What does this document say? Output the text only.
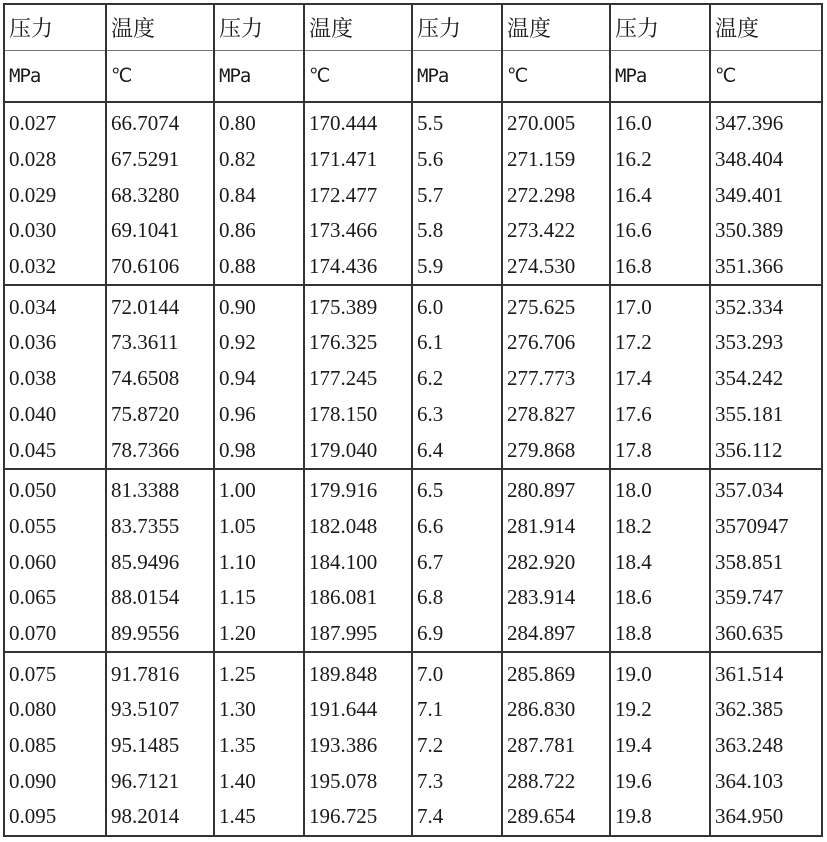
压力	温度	压力	温度	压力	温度	压力	温度
MPa	℃	MPa	℃	MPa	℃	MPa	℃
0.027	66.7074	0.80	170.444	5.5	270.005	16.0	347.396
0.028	67.5291	0.82	171.471	5.6	271.159	16.2	348.404
0.029	68.3280	0.84	172.477	5.7	272.298	16.4	349.401
0.030	69.1041	0.86	173.466	5.8	273.422	16.6	350.389
0.032	70.6106	0.88	174.436	5.9	274.530	16.8	351.366
0.034	72.0144	0.90	175.389	6.0	275.625	17.0	352.334
0.036	73.3611	0.92	176.325	6.1	276.706	17.2	353.293
0.038	74.6508	0.94	177.245	6.2	277.773	17.4	354.242
0.040	75.8720	0.96	178.150	6.3	278.827	17.6	355.181
0.045	78.7366	0.98	179.040	6.4	279.868	17.8	356.112
0.050	81.3388	1.00	179.916	6.5	280.897	18.0	357.034
0.055	83.7355	1.05	182.048	6.6	281.914	18.2	3570947
0.060	85.9496	1.10	184.100	6.7	282.920	18.4	358.851
0.065	88.0154	1.15	186.081	6.8	283.914	18.6	359.747
0.070	89.9556	1.20	187.995	6.9	284.897	18.8	360.635
0.075	91.7816	1.25	189.848	7.0	285.869	19.0	361.514
0.080	93.5107	1.30	191.644	7.1	286.830	19.2	362.385
0.085	95.1485	1.35	193.386	7.2	287.781	19.4	363.248
0.090	96.7121	1.40	195.078	7.3	288.722	19.6	364.103
0.095	98.2014	1.45	196.725	7.4	289.654	19.8	364.950
